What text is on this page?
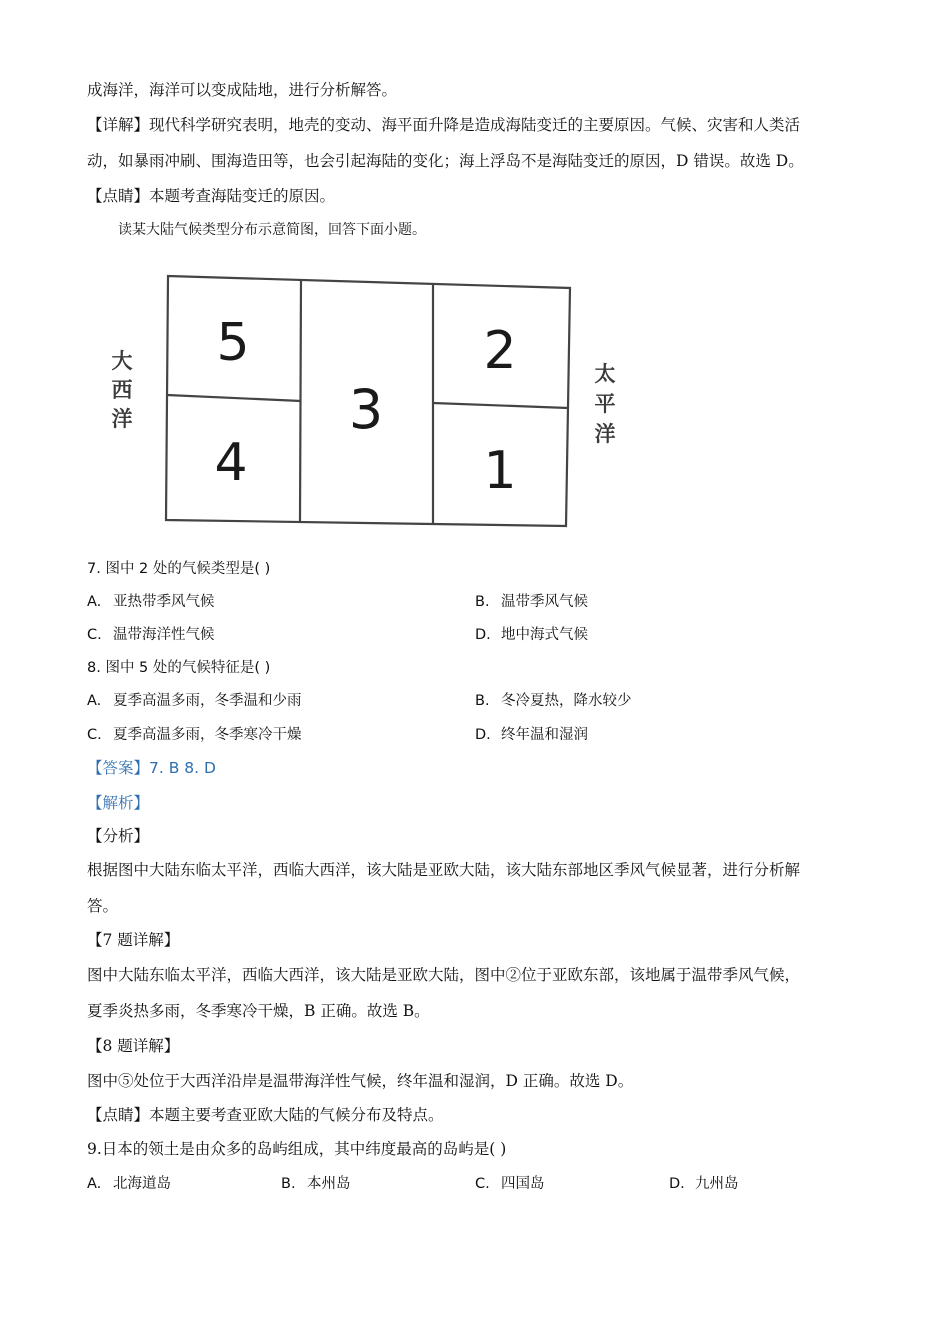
成海洋，海洋可以变成陆地，进行分析解答。
【详解】现代科学研究表明，地壳的变动、海平面升降是造成海陆变迁的主要原因。气候、灾害和人类活
动，如暴雨冲刷、围海造田等，也会引起海陆的变化；海上浮岛不是海陆变迁的原因，D 错误。故选 D。
【点睛】本题考查海陆变迁的原因。
读某大陆气候类型分布示意简图，回答下面小题。
5
4
3
2
1
大
西
洋
太
平
洋
7. 图中 2 处的气候类型是( )
A. 亚热带季风气候	B. 温带季风气候
C. 温带海洋性气候	D. 地中海式气候
8. 图中 5 处的气候特征是( )
A. 夏季高温多雨，冬季温和少雨	B. 冬冷夏热，降水较少
C. 夏季高温多雨，冬季寒冷干燥	D. 终年温和湿润
【答案】7. B 8. D
【解析】
【分析】
根据图中大陆东临太平洋，西临大西洋，该大陆是亚欧大陆，该大陆东部地区季风气候显著，进行分析解
答。
【7 题详解】
图中大陆东临太平洋，西临大西洋，该大陆是亚欧大陆，图中②位于亚欧东部，该地属于温带季风气候，
夏季炎热多雨，冬季寒冷干燥，B 正确。故选 B。
【8 题详解】
图中⑤处位于大西洋沿岸是温带海洋性气候，终年温和湿润，D 正确。故选 D。
【点睛】本题主要考查亚欧大陆的气候分布及特点。
9.日本的领土是由众多的岛屿组成，其中纬度最高的岛屿是( )
A. 北海道岛	B. 本州岛	C. 四国岛	D. 九州岛
